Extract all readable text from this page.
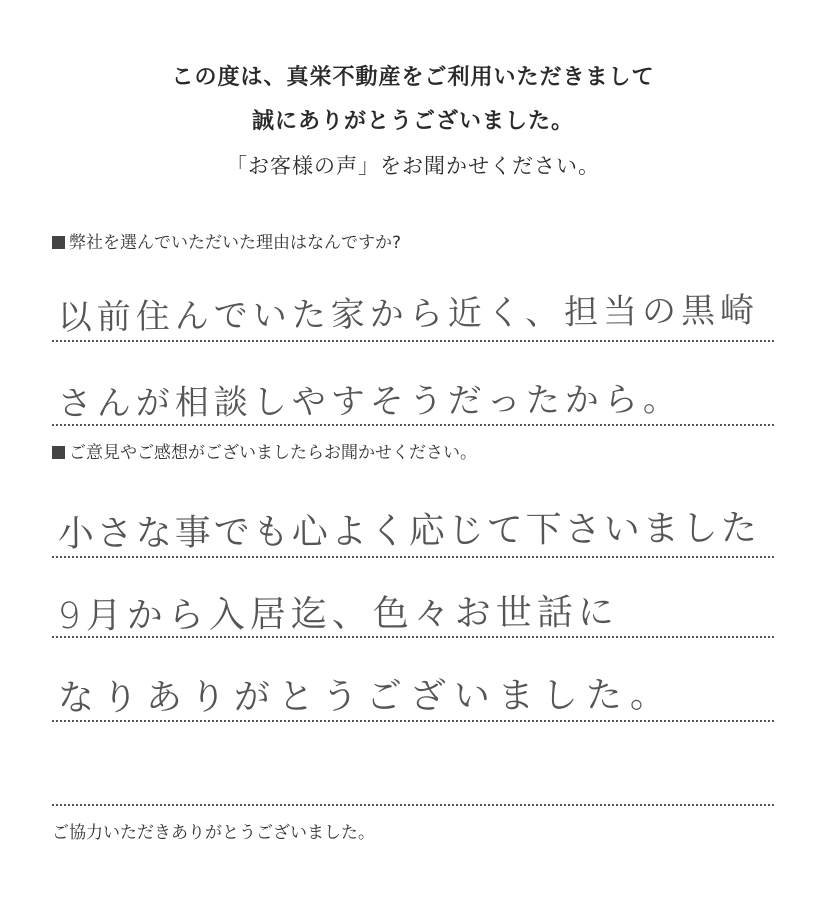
この度は、真栄不動産をご利用いただきまして
誠にありがとうございました。
「お客様の声」をお聞かせください。
弊社を選んでいただいた理由はなんですか?
以前住んでいた家から近く、担当の黒崎
さんが相談しやすそうだったから。
ご意見やご感想がございましたらお聞かせください。
小さな事でも心よく応じて下さいました
9月から入居迄、色々お世話に
なりありがとうございました。
ご協力いただきありがとうございました。
